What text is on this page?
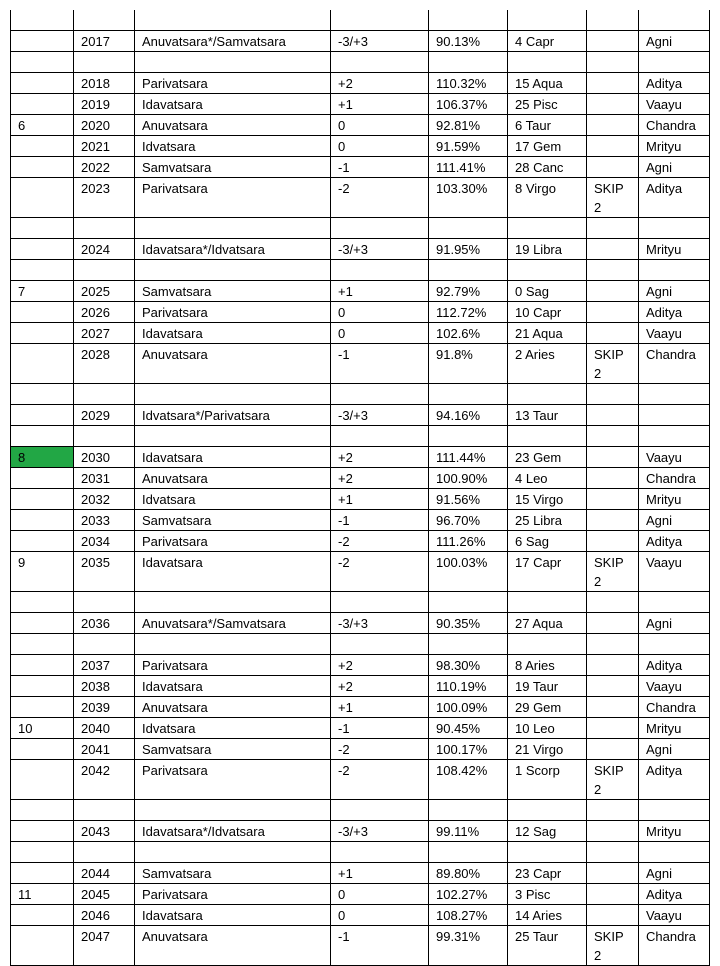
	2017	Anuvatsara*/Samvatsara	-3/+3	90.13%	4 Capr		Agni

	2018	Parivatsara	+2	110.32%	15 Aqua		Aditya
	2019	Idavatsara	+1	106.37%	25 Pisc		Vaayu
6	2020	Anuvatsara	0	92.81%	6 Taur		Chandra
	2021	Idvatsara	0	91.59%	17 Gem		Mrityu
	2022	Samvatsara	-1	111.41%	28 Canc		Agni
	2023	Parivatsara	-2	103.30%	8 Virgo	SKIP 2	Aditya

	2024	Idavatsara*/Idvatsara	-3/+3	91.95%	19 Libra		Mrityu

7	2025	Samvatsara	+1	92.79%	0 Sag		Agni
	2026	Parivatsara	0	112.72%	10 Capr		Aditya
	2027	Idavatsara	0	102.6%	21 Aqua		Vaayu
	2028	Anuvatsara	-1	91.8%	2 Aries	SKIP 2	Chandra

	2029	Idvatsara*/Parivatsara	-3/+3	94.16%	13 Taur		

8	2030	Idavatsara	+2	111.44%	23 Gem		Vaayu
	2031	Anuvatsara	+2	100.90%	4 Leo		Chandra
	2032	Idvatsara	+1	91.56%	15 Virgo		Mrityu
	2033	Samvatsara	-1	96.70%	25 Libra		Agni
	2034	Parivatsara	-2	111.26%	6 Sag		Aditya
9	2035	Idavatsara	-2	100.03%	17 Capr	SKIP 2	Vaayu

	2036	Anuvatsara*/Samvatsara	-3/+3	90.35%	27 Aqua		Agni

	2037	Parivatsara	+2	98.30%	8 Aries		Aditya
	2038	Idavatsara	+2	110.19%	19 Taur		Vaayu
	2039	Anuvatsara	+1	100.09%	29 Gem		Chandra
10	2040	Idvatsara	-1	90.45%	10 Leo		Mrityu
	2041	Samvatsara	-2	100.17%	21 Virgo		Agni
	2042	Parivatsara	-2	108.42%	1 Scorp	SKIP 2	Aditya

	2043	Idavatsara*/Idvatsara	-3/+3	99.11%	12 Sag		Mrityu

	2044	Samvatsara	+1	89.80%	23 Capr		Agni
11	2045	Parivatsara	0	102.27%	3 Pisc		Aditya
	2046	Idavatsara	0	108.27%	14 Aries		Vaayu
	2047	Anuvatsara	-1	99.31%	25 Taur	SKIP 2	Chandra
